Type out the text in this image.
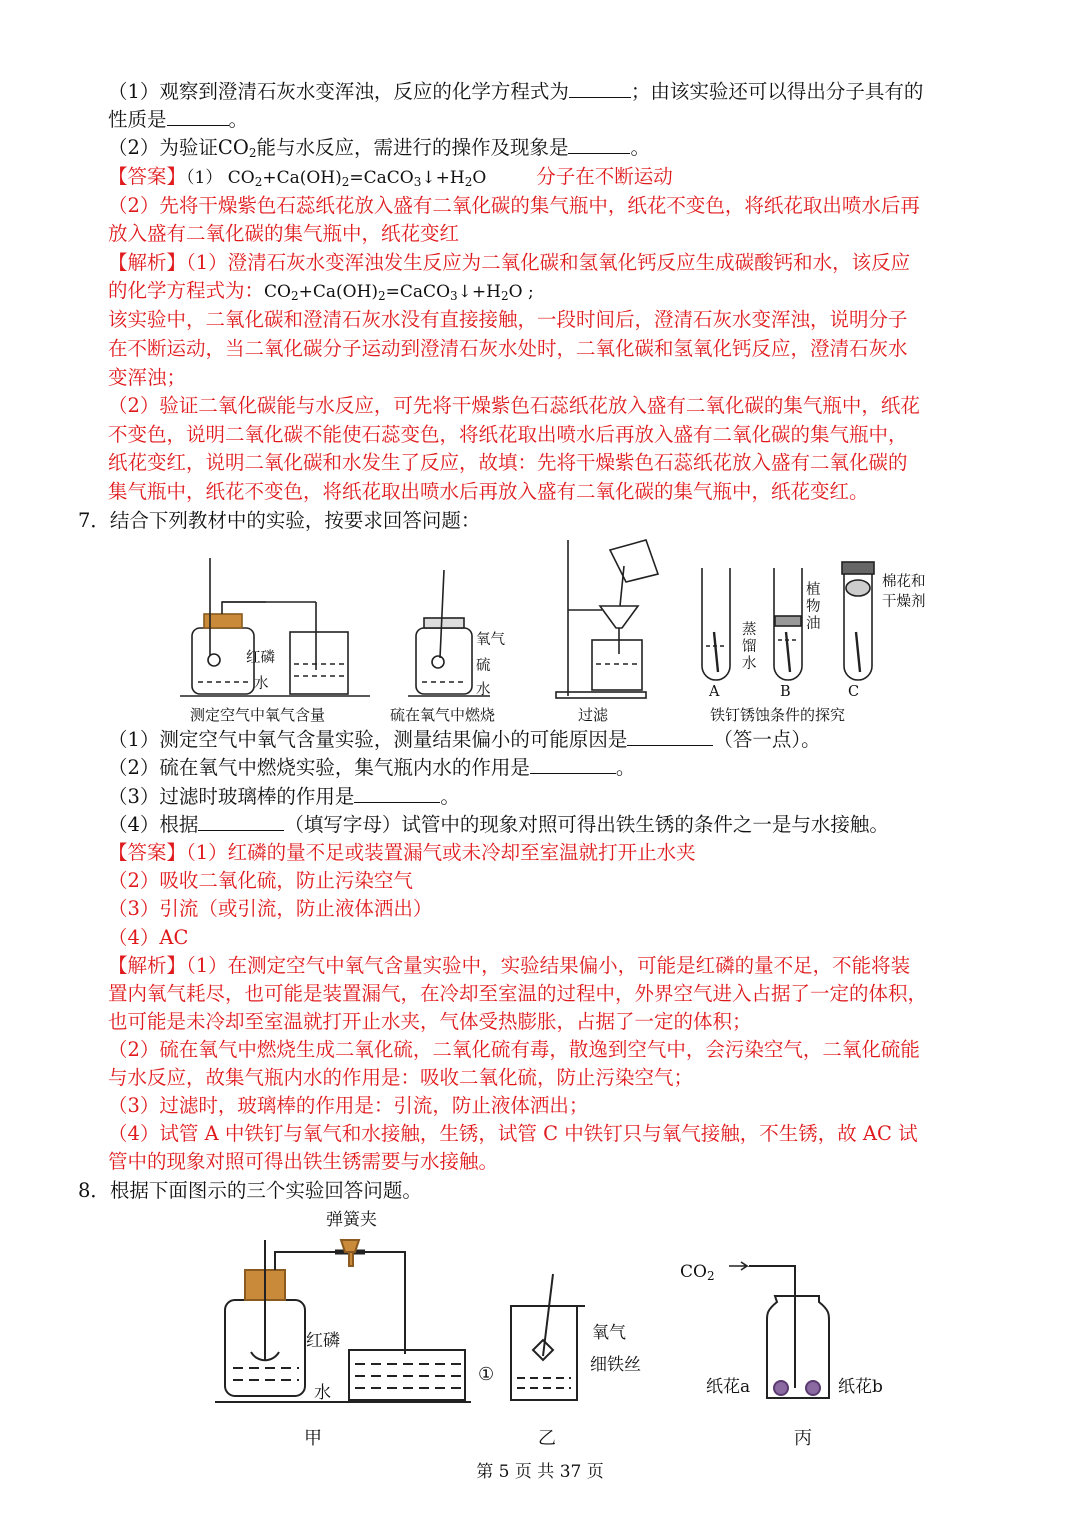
（1）观察到澄清石灰水变浑浊，反应的化学方程式为	；由该实验还可以得出分子具有的
性质是	。
（2）为验证$CO_2$能与水反应，需进行的操作及现象是	。
【答案】（1） $CO_2+Ca(OH)_2=CaCO_3↓+H_2O$	分子在不断运动
（2）先将干燥紫色石蕊纸花放入盛有二氧化碳的集气瓶中，纸花不变色，将纸花取出喷水后再
放入盛有二氧化碳的集气瓶中，纸花变红
【解析】（1）澄清石灰水变浑浊发生反应为二氧化碳和氢氧化钙反应生成碳酸钙和水，该反应
的化学方程式为：$CO_2+Ca(OH)_2=CaCO_3↓+H_2O$ ;
该实验中，二氧化碳和澄清石灰水没有直接接触，一段时间后，澄清石灰水变浑浊，说明分子
在不断运动，当二氧化碳分子运动到澄清石灰水处时，二氧化碳和氢氧化钙反应，澄清石灰水
变浑浊；
（2）验证二氧化碳能与水反应，可先将干燥紫色石蕊纸花放入盛有二氧化碳的集气瓶中，纸花
不变色，说明二氧化碳不能使石蕊变色，将纸花取出喷水后再放入盛有二氧化碳的集气瓶中，
纸花变红，说明二氧化碳和水发生了反应，故填：先将干燥紫色石蕊纸花放入盛有二氧化碳的
集气瓶中，纸花不变色，将纸花取出喷水后再放入盛有二氧化碳的集气瓶中，纸花变红。
7．结合下列教材中的实验，按要求回答问题：
红磷
水
氧气
硫
水
蒸馏水
植物油
棉花和
干燥剂
A	B	C
测定空气中氧气含量	硫在氧气中燃烧	过滤	铁钉锈蚀条件的探究
（1）测定空气中氧气含量实验，测量结果偏小的可能原因是	（答一点）。
（2）硫在氧气中燃烧实验，集气瓶内水的作用是	。
（3）过滤时玻璃棒的作用是	。
（4）根据	（填写字母）试管中的现象对照可得出铁生锈的条件之一是与水接触。
【答案】（1）红磷的量不足或装置漏气或未冷却至室温就打开止水夹
（2）吸收二氧化硫，防止污染空气
（3）引流（或引流，防止液体洒出）
（4）AC
【解析】（1）在测定空气中氧气含量实验中，实验结果偏小，可能是红磷的量不足，不能将装
置内氧气耗尽，也可能是装置漏气，在冷却至室温的过程中，外界空气进入占据了一定的体积，
也可能是未冷却至室温就打开止水夹，气体受热膨胀，占据了一定的体积；
（2）硫在氧气中燃烧生成二氧化硫，二氧化硫有毒，散逸到空气中，会污染空气，二氧化硫能
与水反应，故集气瓶内水的作用是：吸收二氧化硫，防止污染空气；
（3）过滤时，玻璃棒的作用是：引流，防止液体洒出；
（4）试管 A 中铁钉与氧气和水接触，生锈，试管 C 中铁钉只与氧气接触，不生锈，故 AC 试
管中的现象对照可得出铁生锈需要与水接触。
8．根据下面图示的三个实验回答问题。
弹簧夹
红磷
水
①
氧气
细铁丝
$CO_2$
纸花a	纸花b
甲	乙	丙
第 5 页 共 37 页
